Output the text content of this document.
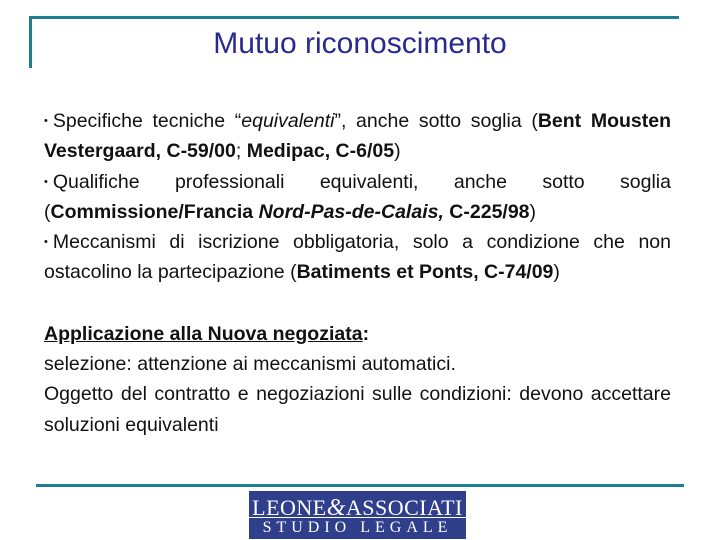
Mutuo riconoscimento
• Specifiche tecniche “equivalenti”, anche sotto soglia (Bent Mousten Vestergaard, C-59/00; Medipac, C-6/05)
• Qualifiche professionali equivalenti, anche sotto soglia (Commissione/Francia Nord-Pas-de-Calais, C-225/98)
• Meccanismi di iscrizione obbligatoria, solo a condizione che non ostacolino la partecipazione (Batiments et Ponts, C-74/09)
Applicazione alla Nuova negoziata:
selezione: attenzione ai meccanismi automatici.
Oggetto del contratto e negoziazioni sulle condizioni: devono accettare soluzioni equivalenti
LEONE&ASSOCIATI
STUDIO LEGALE
